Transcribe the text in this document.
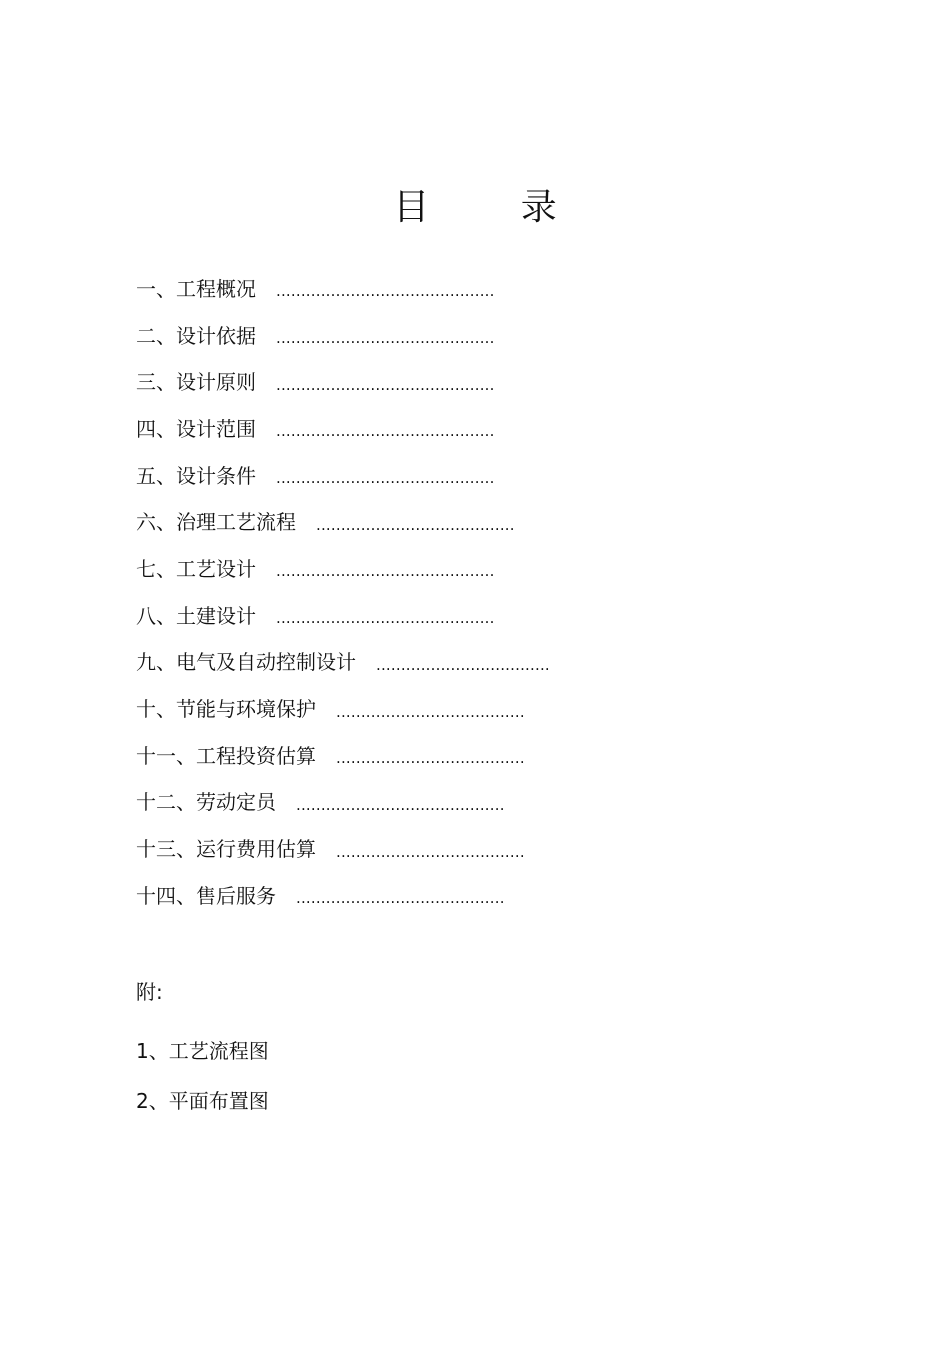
目 录
一、工程概况 ............................................
二、设计依据 ............................................
三、设计原则 ............................................
四、设计范围 ............................................
五、设计条件 ............................................
六、治理工艺流程 ........................................
七、工艺设计 ............................................
八、土建设计 ............................................
九、电气及自动控制设计 ...................................
十、节能与环境保护 ......................................
十一、工程投资估算 ......................................
十二、劳动定员 ..........................................
十三、运行费用估算 ......................................
十四、售后服务 ..........................................
附:
1、工艺流程图
2、平面布置图
